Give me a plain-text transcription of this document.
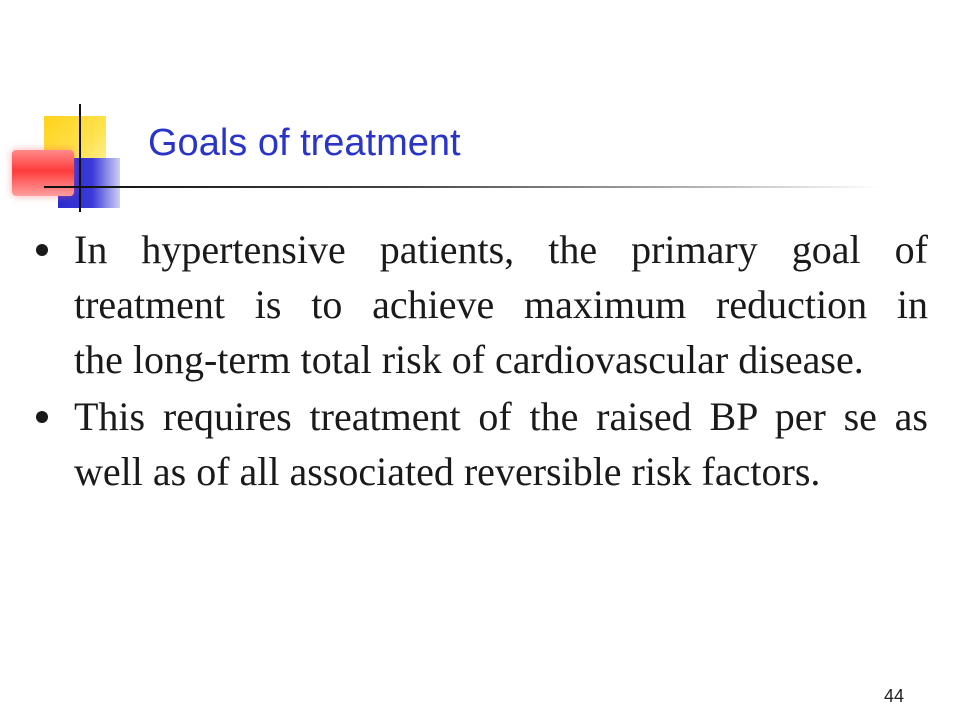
Goals of treatment
In hypertensive patients, the primary goal of
treatment is to achieve maximum reduction in
the long-term total risk of cardiovascular disease.
This requires treatment of the raised BP per se as
well as of all associated reversible risk factors.
44
